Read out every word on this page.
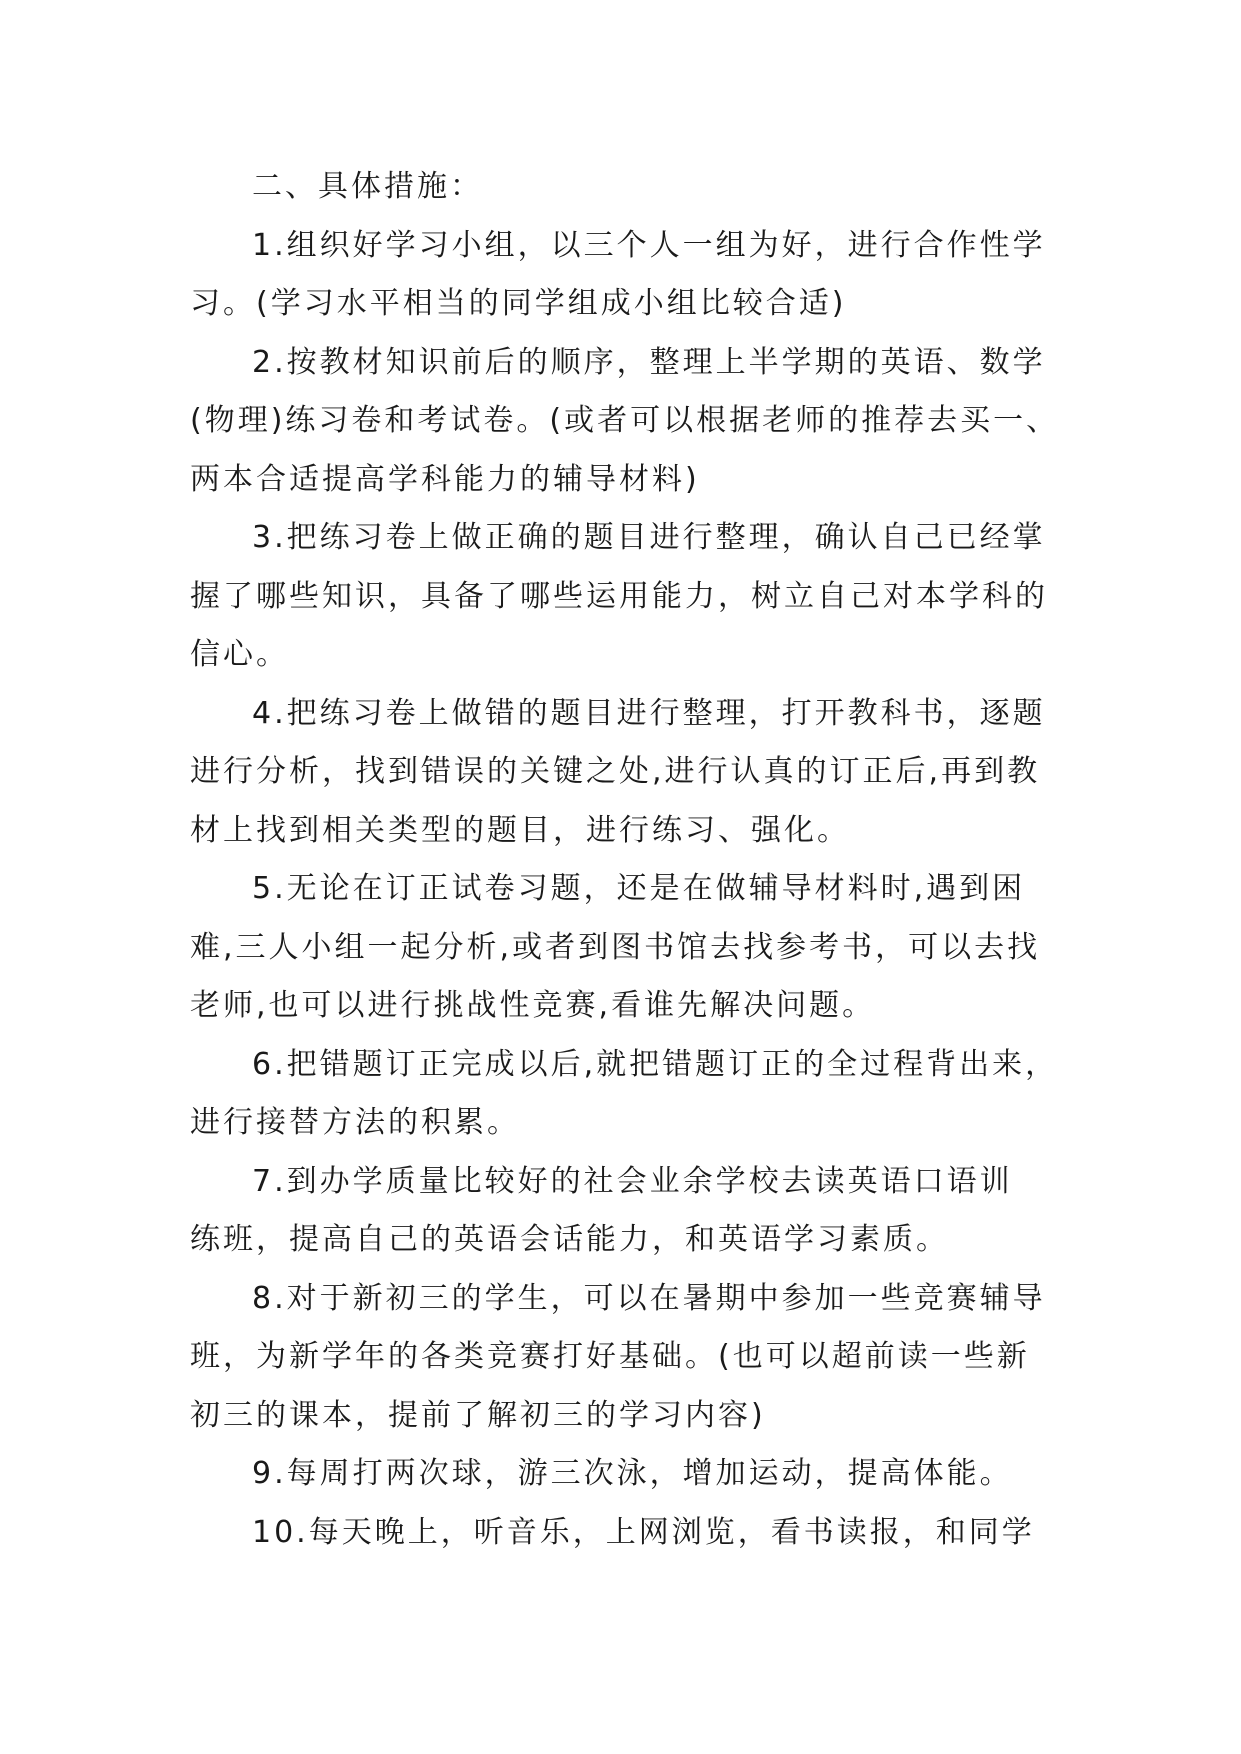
二、具体措施：
1.组织好学习小组，以三个人一组为好，进行合作性学
习。(学习水平相当的同学组成小组比较合适)
2.按教材知识前后的顺序，整理上半学期的英语、数学
(物理)练习卷和考试卷。(或者可以根据老师的推荐去买一、
两本合适提高学科能力的辅导材料)
3.把练习卷上做正确的题目进行整理，确认自己已经掌
握了哪些知识，具备了哪些运用能力，树立自己对本学科的
信心。
4.把练习卷上做错的题目进行整理，打开教科书，逐题
进行分析，找到错误的关键之处,进行认真的订正后,再到教
材上找到相关类型的题目，进行练习、强化。
5.无论在订正试卷习题，还是在做辅导材料时,遇到困
难,三人小组一起分析,或者到图书馆去找参考书，可以去找
老师,也可以进行挑战性竞赛,看谁先解决问题。
6.把错题订正完成以后,就把错题订正的全过程背出来，
进行接替方法的积累。
7.到办学质量比较好的社会业余学校去读英语口语训
练班，提高自己的英语会话能力，和英语学习素质。
8.对于新初三的学生，可以在暑期中参加一些竞赛辅导
班，为新学年的各类竞赛打好基础。(也可以超前读一些新
初三的课本，提前了解初三的学习内容)
9.每周打两次球，游三次泳，增加运动，提高体能。
10.每天晚上，听音乐，上网浏览，看书读报，和同学
